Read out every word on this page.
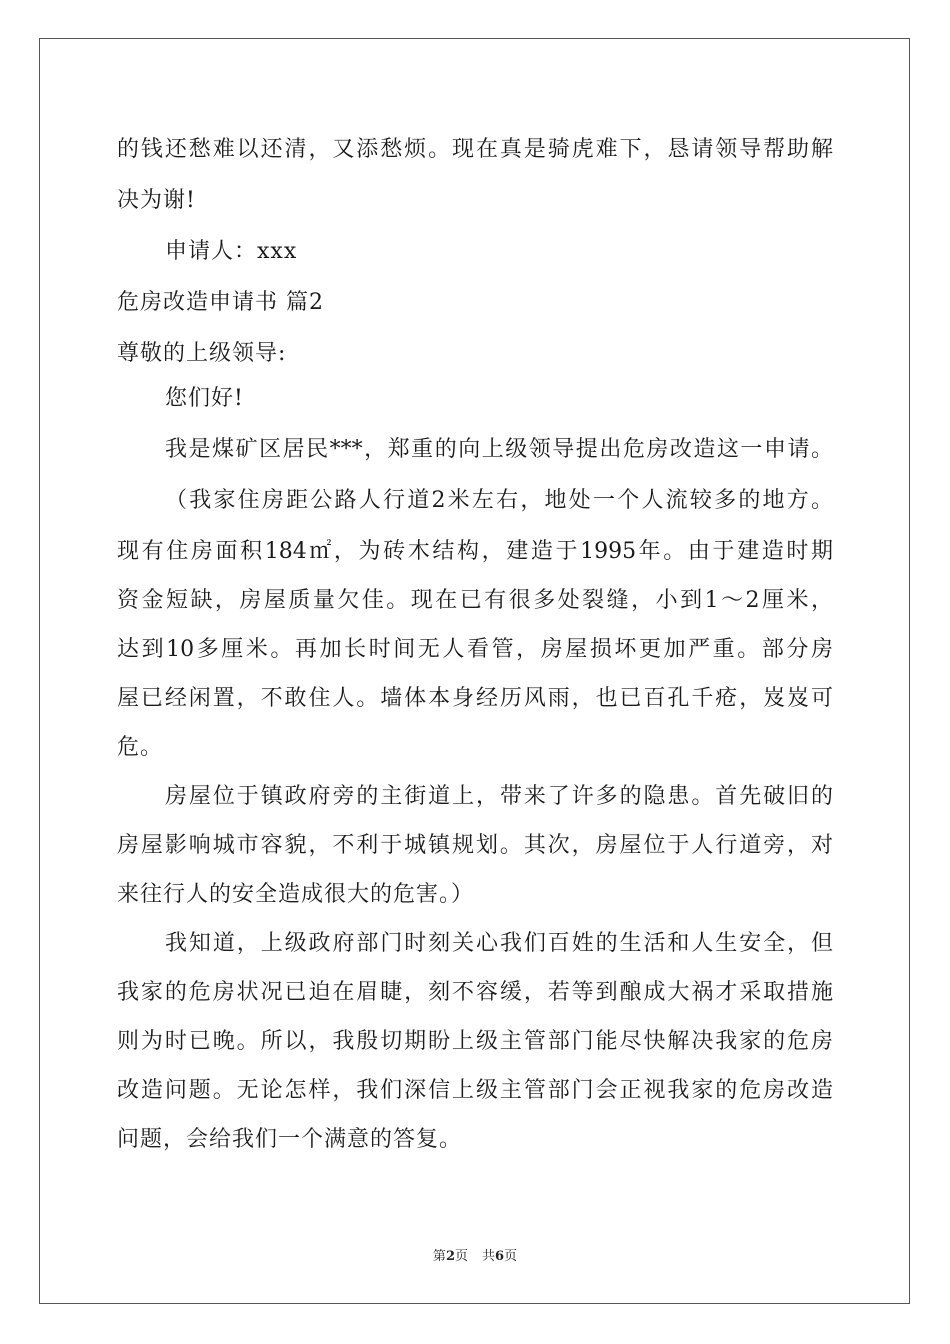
的钱还愁难以还清，又添愁烦。现在真是骑虎难下，恳请领导帮助解
决为谢!
申请人：xxx
危房改造申请书 篇2
尊敬的上级领导:
您们好!
我是煤矿区居民***，郑重的向上级领导提出危房改造这一申请。
（我家住房距公路人行道2米左右，地处一个人流较多的地方。
现有住房面积184㎡，为砖木结构，建造于1995年。由于建造时期
资金短缺，房屋质量欠佳。现在已有很多处裂缝，小到1～2厘米，
达到10多厘米。再加长时间无人看管，房屋损坏更加严重。部分房
屋已经闲置，不敢住人。墙体本身经历风雨，也已百孔千疮，岌岌可
危。
房屋位于镇政府旁的主街道上，带来了许多的隐患。首先破旧的
房屋影响城市容貌，不利于城镇规划。其次，房屋位于人行道旁，对
来往行人的安全造成很大的危害。）
我知道，上级政府部门时刻关心我们百姓的生活和人生安全，但
我家的危房状况已迫在眉睫，刻不容缓，若等到酿成大祸才采取措施
则为时已晚。所以，我殷切期盼上级主管部门能尽快解决我家的危房
改造问题。无论怎样，我们深信上级主管部门会正视我家的危房改造
问题，会给我们一个满意的答复。
第2页 共6页
